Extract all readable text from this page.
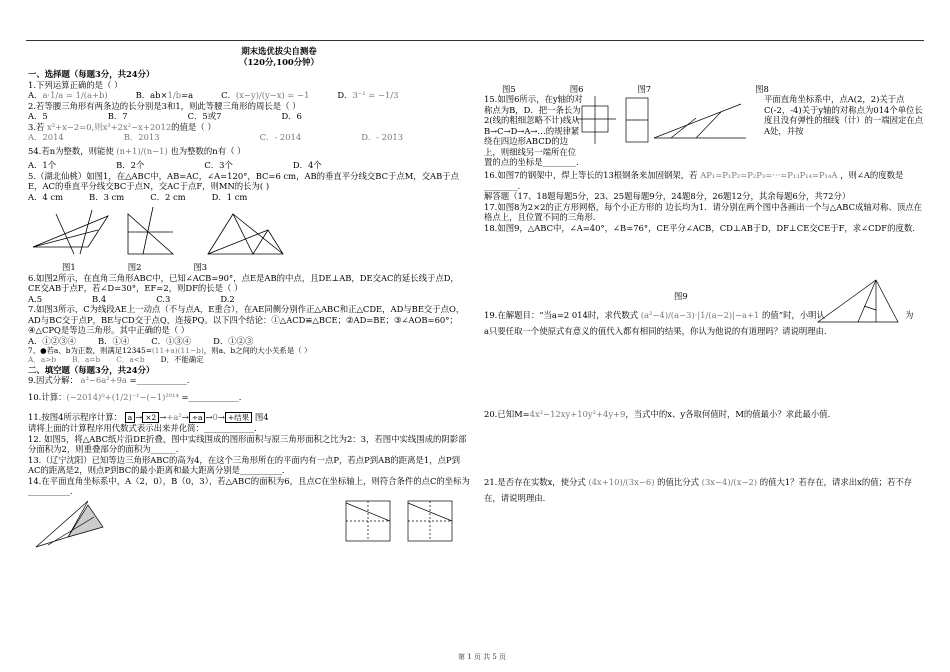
期末选优拔尖自测卷

（120分,100分钟）

一、选择题（每题3分，共24分）

1.下列运算正确的是（ ）

A．a·1/a = 1/(a+b)	B．ab×1/b=a	C．(x−y)/(y−x) = −1	D．3⁻¹ = −1/3

2.若等腰三角形有两条边的长分别是3和1，则此等腰三角形的周长是（ ）

A．5	B．7	C．5或7	D．6

3.若 x²+x−2=0,则x³+2x²−x+2012的值是（ ）

A．2014	B．2013	C．- 2014	D．- 2013

54.若n为整数，则能使 (n+1)/(n−1) 也为整数的n有（ ）

A．1个	B．2个	C．3个	D．4个

5.（湖北仙桃）如图1，在△ABC中，AB=AC，∠A=120°，BC=6 cm，AB的垂直平分线交BC于点M，交AB于点E，AC的垂直平分线交BC于点N，交AC于点F，则MN的长为( )

A．4 cm	B．3 cm	C．2 cm	D．1 cm
图1	图2	图3

6.如图2所示，在直角三角形ABC中，已知∠ACB=90°，点E是AB的中点，且DE⊥AB，DE交AC的延长线于点D，CE交AB于点F，若∠D=30°，EF=2，则DF的长是（ ）

A.5	B.4	C.3	D.2

7.如图3所示，C为线段AE上一动点（不与点A，E重合），在AE同侧分别作正△ABC和正△CDE，AD与BE交于点O，AD与BC交于点P，BE与CD交于点Q，连接PQ。以下四个结论：①△ACD≌△BCE；②AD=BE；③∠AOB=60°；④△CPQ是等边三角形。其中正确的是（ ）

A．①②③④	B．①④	C．①③④	D．①②③

7、●若a、b为正数，则满足12345=(11+a)(11−b)，则a、b之间的大小关系是（ ）

A．a>b B．a=b C．a<b D．不能确定

二、填空题（每题3分，共24分）

9.因式分解： a³−6a²+9a =____________.

10.计算：(−2014)⁰+(1/2)⁻¹−(−1)²⁰¹⁴ =____________.

11.按图4所示程序计算： a → ×2 →+a²→ ÷a →0→ +结果 图4

请将上面的计算程序用代数式表示出来并化简：____________.

12. 如图5，将△ABC纸片沿DE折叠，图中实线围成的图形面积与原三角形面积之比为2：3，若图中实线围成的阴影部分面积为2，则重叠部分的面积为______.

13.（辽宁沈阳）已知等边三角形ABC的高为4，在这个三角形所在的平面内有一点P，若点P到AB的距离是1，点P到AC的距离是2，则点P到BC的最小距离和最大距离分别是__________.

14.在平面直角坐标系中，A（2，0），B（0，3），若△ABC的面积为6，且点C在坐标轴上，则符合条件的点C的坐标为__________.

图5	图6	图7	图8

15.如图6所示，在y轴的对称点为B，D．把一条长为2(线的粗细忽略不计)线从B→C→D→A→…的规律紧绕在四边形ABCD的边上，则细线另一端所在位置的点的坐标是________.

平面直角坐标系中，点A(2，2)关于点C(-2，-4)关于y轴的对称点为014个单位长度且没有弹性的细线（计）的一端固定在点A处，并按

16.如图7的钢架中，焊上等长的13根钢条来加固钢架，若 AP₁=P₁P₂=P₂P₃=···=P₁₃P₁₄=P₁₄A ，则∠A的度数是________.

解答题（17、18题每题5分，23、25题每题9分，24题8分，26题12分，其余每题6分，共72分）

17.如图8为2×2的正方形网格，每个小正方形的 边长均为1．请分别在两个图中各画出一个与△ABC成轴对称、顶点在格点上，且位置不同的三角形．

18.如图9，△ABC中，∠A=40°，∠B=76°，CE平分∠ACB，CD⊥AB于D，DF⊥CE交CE于F，求∠CDF的度数．

图9

19.在解题目：“当a=2 014时，求代数式 (a²−4)/(a−3)·|1/(a−2)|−a+1 的值”时，小明认	为

a只要任取一个使原式有意义的值代入都有相同的结果，你认为他说的有道理吗？请说明理由．

20.已知M=4x²−12xy+10y²+4y+9，当式中的x、y各取何值时，M的值最小？求此最小值.

21.是否存在实数x，使分式 (4x+10)/(3x−6) 的值比分式 (3x−4)/(x−2) 的值大1？若存在，请求出x的值；若不存在，请说明理由.

第 1 页 共 5 页
